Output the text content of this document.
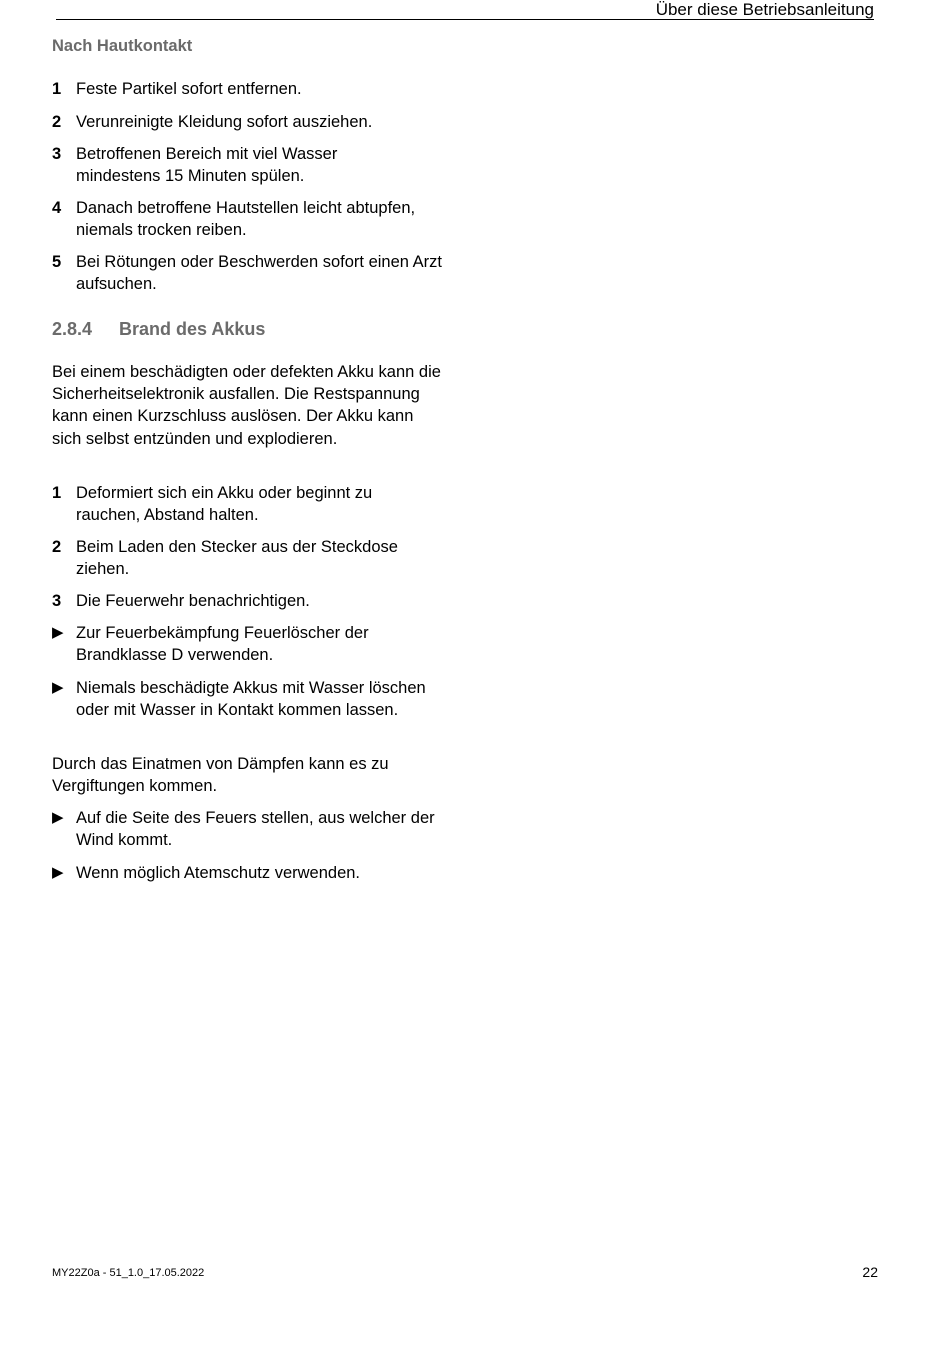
Über diese Betriebsanleitung
Nach Hautkontakt
1 Feste Partikel sofort entfernen.
2 Verunreinigte Kleidung sofort ausziehen.
3 Betroffenen Bereich mit viel Wasser mindestens 15 Minuten spülen.
4 Danach betroffene Hautstellen leicht abtupfen, niemals trocken reiben.
5 Bei Rötungen oder Beschwerden sofort einen Arzt aufsuchen.
2.8.4 Brand des Akkus
Bei einem beschädigten oder defekten Akku kann die Sicherheitselektronik ausfallen. Die Restspannung kann einen Kurzschluss auslösen. Der Akku kann sich selbst entzünden und explodieren.
1 Deformiert sich ein Akku oder beginnt zu rauchen, Abstand halten.
2 Beim Laden den Stecker aus der Steckdose ziehen.
3 Die Feuerwehr benachrichtigen.
▶ Zur Feuerbekämpfung Feuerlöscher der Brandklasse D verwenden.
▶ Niemals beschädigte Akkus mit Wasser löschen oder mit Wasser in Kontakt kommen lassen.
Durch das Einatmen von Dämpfen kann es zu Vergiftungen kommen.
▶ Auf die Seite des Feuers stellen, aus welcher der Wind kommt.
▶ Wenn möglich Atemschutz verwenden.
MY22Z0a - 51_1.0_17.05.2022	22
